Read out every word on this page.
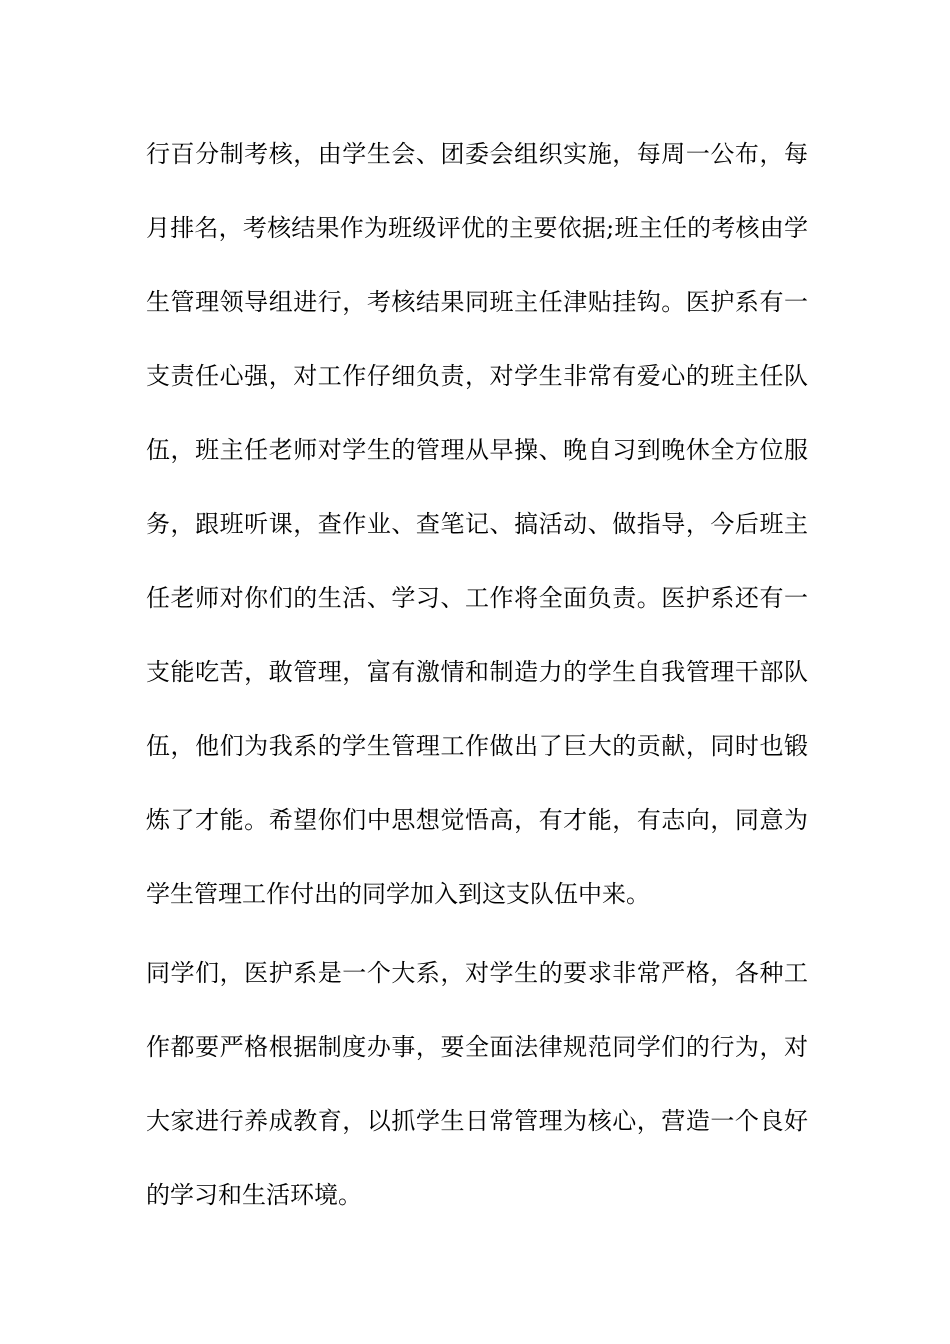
行百分制考核，由学生会、团委会组织实施，每周一公布，每
月排名，考核结果作为班级评优的主要依据;班主任的考核由学
生管理领导组进行，考核结果同班主任津贴挂钩。医护系有一
支责任心强，对工作仔细负责，对学生非常有爱心的班主任队
伍，班主任老师对学生的管理从早操、晚自习到晚休全方位服
务，跟班听课，查作业、查笔记、搞活动、做指导，今后班主
任老师对你们的生活、学习、工作将全面负责。医护系还有一
支能吃苦，敢管理，富有激情和制造力的学生自我管理干部队
伍，他们为我系的学生管理工作做出了巨大的贡献，同时也锻
炼了才能。希望你们中思想觉悟高，有才能，有志向，同意为
学生管理工作付出的同学加入到这支队伍中来。
同学们，医护系是一个大系，对学生的要求非常严格，各种工
作都要严格根据制度办事，要全面法律规范同学们的行为，对
大家进行养成教育，以抓学生日常管理为核心，营造一个良好
的学习和生活环境。
